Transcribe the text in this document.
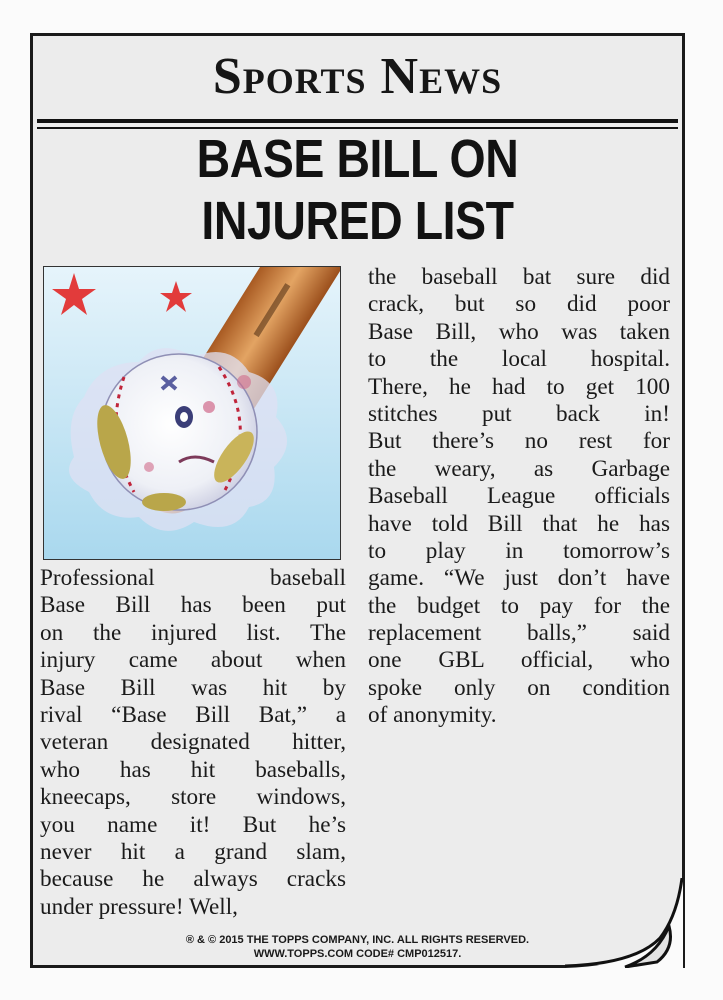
Sports News
BASE BILL ON
INJURED LIST
Professional baseball
Base Bill has been put
on the injured list. The
injury came about when
Base Bill was hit by
rival “Base Bill Bat,” a
veteran designated hitter,
who has hit baseballs,
kneecaps, store windows,
you name it! But he’s
never hit a grand slam,
because he always cracks
under pressure! Well,
the baseball bat sure did
crack, but so did poor
Base Bill, who was taken
to the local hospital.
There, he had to get 100
stitches put back in!
But there’s no rest for
the weary, as Garbage
Baseball League officials
have told Bill that he has
to play in tomorrow’s
game. “We just don’t have
the budget to pay for the
replacement balls,” said
one GBL official, who
spoke only on condition
of anonymity.
® & © 2015 THE TOPPS COMPANY, INC. ALL RIGHTS RESERVED.
WWW.TOPPS.COM CODE# CMP012517.
